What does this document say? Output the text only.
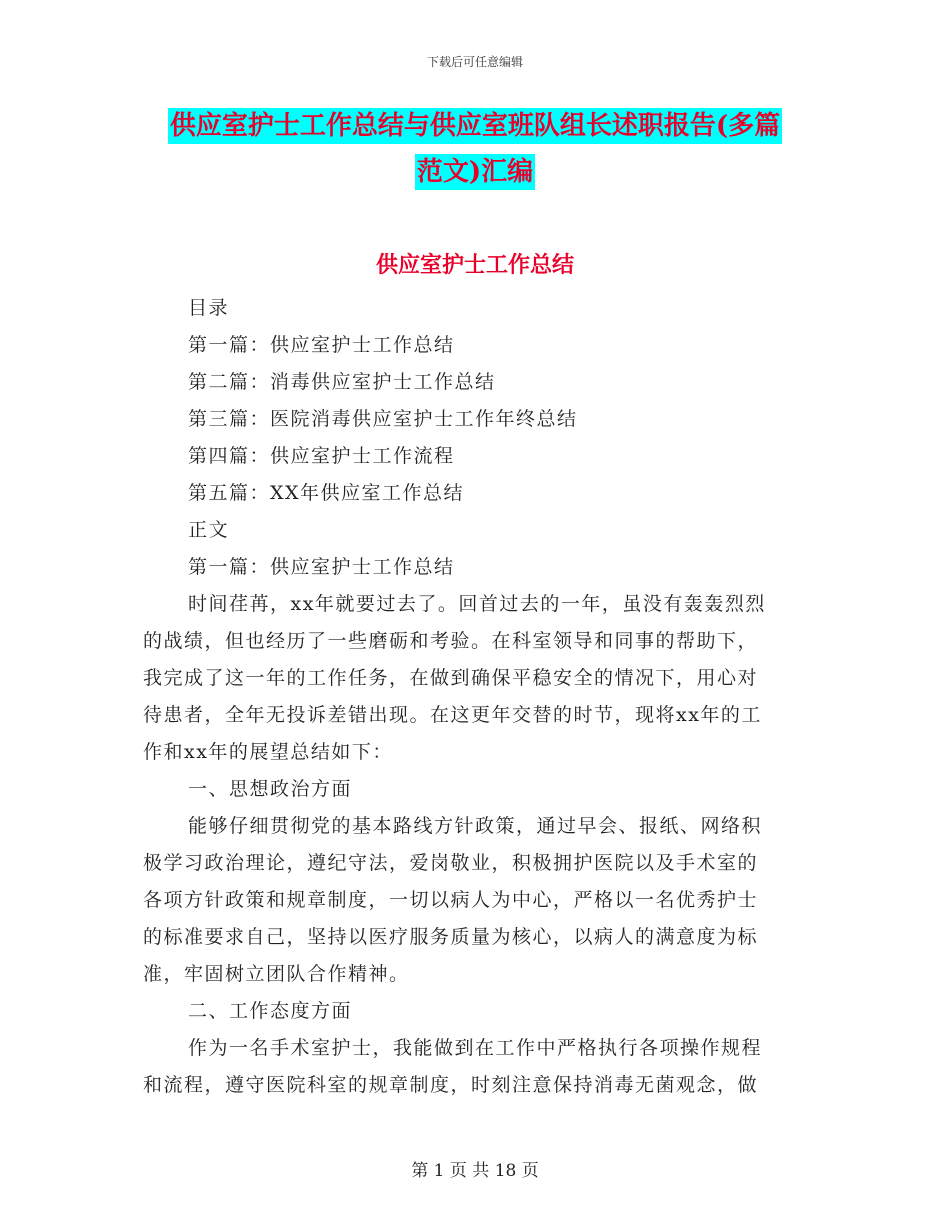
下载后可任意编辑
供应室护士工作总结与供应室班队组长述职报告(多篇
范文)汇编
供应室护士工作总结
目录
第一篇：供应室护士工作总结
第二篇：消毒供应室护士工作总结
第三篇：医院消毒供应室护士工作年终总结
第四篇：供应室护士工作流程
第五篇：XX年供应室工作总结
正文
第一篇：供应室护士工作总结
时间荏苒，xx年就要过去了。回首过去的一年，虽没有轰轰烈烈
的战绩，但也经历了一些磨砺和考验。在科室领导和同事的帮助下，
我完成了这一年的工作任务，在做到确保平稳安全的情况下，用心对
待患者，全年无投诉差错出现。在这更年交替的时节，现将xx年的工
作和xx年的展望总结如下：
一、思想政治方面
能够仔细贯彻党的基本路线方针政策，通过早会、报纸、网络积
极学习政治理论，遵纪守法，爱岗敬业，积极拥护医院以及手术室的
各项方针政策和规章制度，一切以病人为中心，严格以一名优秀护士
的标准要求自己，坚持以医疗服务质量为核心，以病人的满意度为标
准，牢固树立团队合作精神。
二、工作态度方面
作为一名手术室护士，我能做到在工作中严格执行各项操作规程
和流程，遵守医院科室的规章制度，时刻注意保持消毒无菌观念，做
第 1 页 共 18 页
